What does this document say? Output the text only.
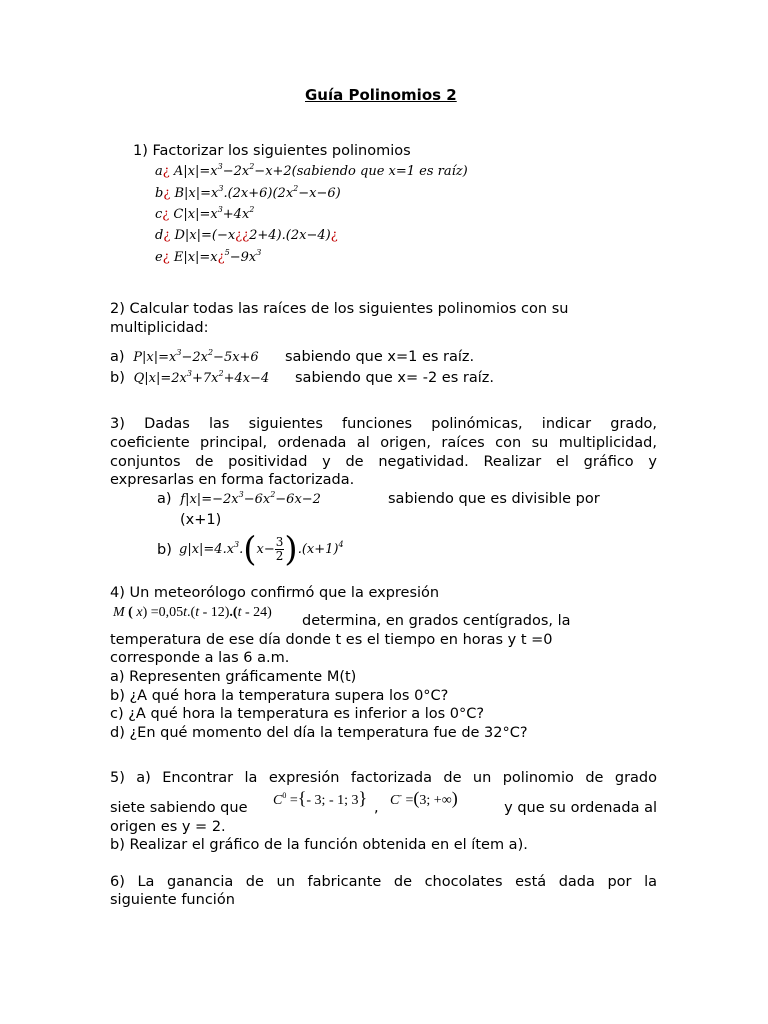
Guía Polinomios 2
1) Factorizar los siguientes polinomios
a¿ $A|x|=x^3-2x^2-x+2(sabiendo$ que x=1 es raíz)
b¿ $B|x|=x^3.(2x+6)(2x^2-x-6)$
c¿ $C|x|=x^3+4x^2$
d¿ D|x|=(−x¿¿2+4).(2x−4)¿
e¿ $E|x|=x¿^5-9x^3$
2) Calcular todas las raíces de los siguientes polinomios con su
multiplicidad:
a)  $P|x|=x^3-2x^2-5x+6$ sabiendo que x=1 es raíz.
b)  $Q|x|=2x^3+7x^2+4x-4$ sabiendo que x= -2 es raíz.
3) Dadas las siguientes funciones polinómicas, indicar grado,
coeficiente principal, ordenada al origen, raíces con su multiplicidad,
conjuntos de positividad y de negatividad. Realizar el gráfico y
expresarlas en forma factorizada.
a)  $f|x|=-2x^3-6x^2-6x-2$	sabiendo que es divisible por
(x+1)
b) $g|x|=4.x^3.(x- \frac{3}{2} ).(x+1)^4$
4) Un meteorólogo confirmó que la expresión
M ( x) =0,05t.(t - 12).(t - 24)
determina, en grados centígrados, la
temperatura de ese día donde t es el tiempo en horas y t =0
corresponde a las 6 a.m.
a) Representen gráficamente M(t)
b) ¿A qué hora la temperatura supera los 0°C?
c) ¿A qué hora la temperatura es inferior a los 0°C?
d) ¿En qué momento del día la temperatura fue de 32°C?
5) a) Encontrar la expresión factorizada de un polinomio de grado
siete sabiendo que $C^0$ ={- 3; - 1; 3} , C- =(3; +∞)	y que su ordenada al
origen es y = 2.
b) Realizar el gráfico de la función obtenida en el ítem a).
6) La ganancia de un fabricante de chocolates está dada por la
siguiente función
